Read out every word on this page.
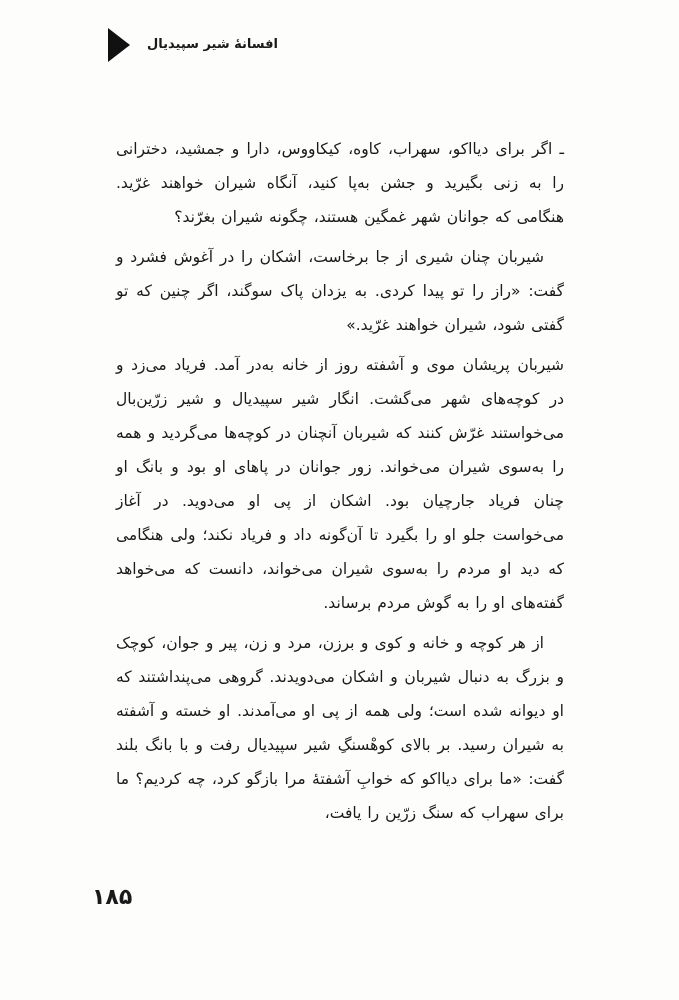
افسانهٔ شیر سپیدیال

ـ اگر برای دیااکو، سهراب، کاوه، کیکاووس، دارا و جمشید، دخترانی را به زنی بگیرید و جشن به‌پا کنید، آنگاه شیران خواهند غرّید. هنگامی که جوانان شهر غمگین هستند، چگونه شیران بغرّند؟

شیربان چنان شیری از جا برخاست، اشکان را در آغوش فشرد و گفت: «راز را تو پیدا کردی. به یزدان پاک سوگند، اگر چنین که تو گفتی شود، شیران خواهند غرّید.»

شیربان پریشان موی و آشفته روز از خانه به‌در آمد. فریاد می‌زد و در کوچه‌های شهر می‌گشت. انگار شیر سپیدیال و شیر زرّین‌بال می‌خواستند غرّش کنند که شیربان آنچنان در کوچه‌ها می‌گردید و همه را به‌سوی شیران می‌خواند. زور جوانان در پاهای او بود و بانگ او چنان فریاد جارچیان بود. اشکان از پی او می‌دوید. در آغاز می‌خواست جلو او را بگیرد تا آن‌گونه داد و فریاد نکند؛ ولی هنگامی که دید او مردم را به‌سوی شیران می‌خواند، دانست که می‌خواهد گفته‌های او را به گوش مردم برساند.

از هر کوچه و خانه و کوی و برزن، مرد و زن، پیر و جوان، کوچک و بزرگ به دنبال شیربان و اشکان می‌دویدند. گروهی می‌پنداشتند که او دیوانه شده است؛ ولی همه از پی او می‌آمدند. او خسته و آشفته به شیران رسید. بر بالای کوهْسنگِ شیر سپیدیال رفت و با بانگ بلند گفت: «ما برای دیااکو که خوابِ آشفتهٔ مرا بازگو کرد، چه کردیم؟ ما برای سهراب که سنگ زرّین را یافت،

۱۸۵
